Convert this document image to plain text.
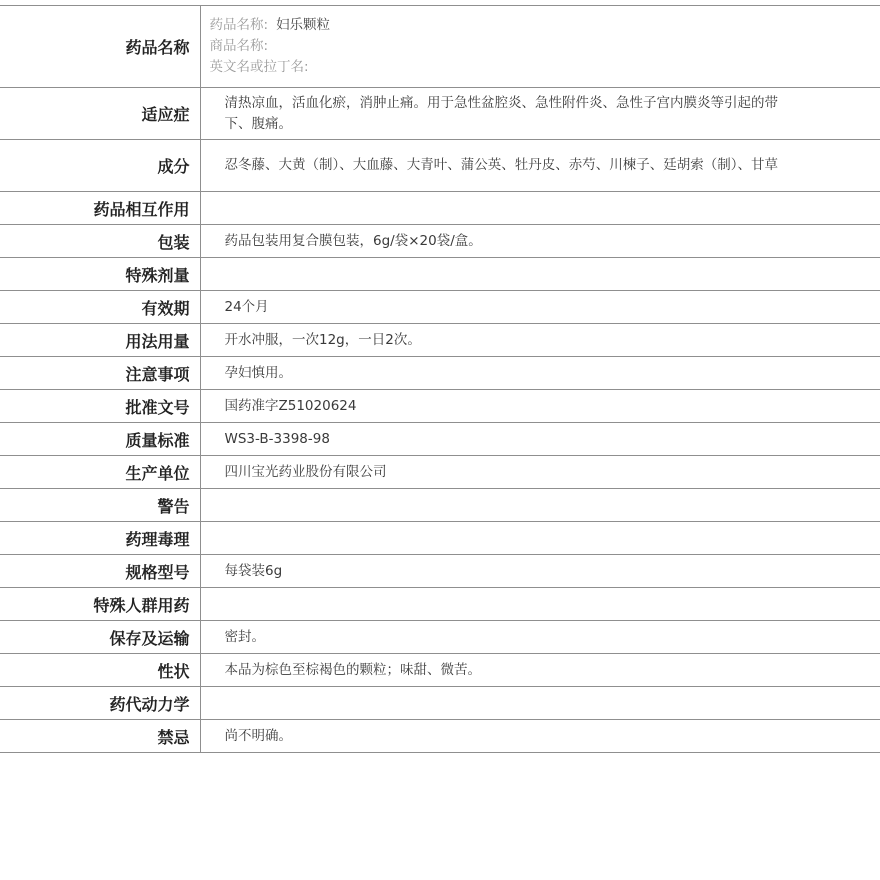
药品名称	药品名称: 妇乐颗粒
商品名称:
英文名或拉丁名:

适应症	清热凉血，活血化瘀，消肿止痛。用于急性盆腔炎、急性附件炎、急性子宫内膜炎等引起的带下、腹痛。
成分	忍冬藤、大黄（制）、大血藤、大青叶、蒲公英、牡丹皮、赤芍、川楝子、廷胡索（制）、甘草
药品相互作用	
包装	药品包装用复合膜包装，6g/袋×20袋/盒。
特殊剂量	
有效期	24个月
用法用量	开水冲服，一次12g，一日2次。
注意事项	孕妇慎用。
批准文号	国药准字Z51020624
质量标准	WS3-B-3398-98
生产单位	四川宝光药业股份有限公司
警告	
药理毒理	
规格型号	每袋装6g
特殊人群用药	
保存及运输	密封。
性状	本品为棕色至棕褐色的颗粒；味甜、微苦。
药代动力学	
禁忌	尚不明确。
